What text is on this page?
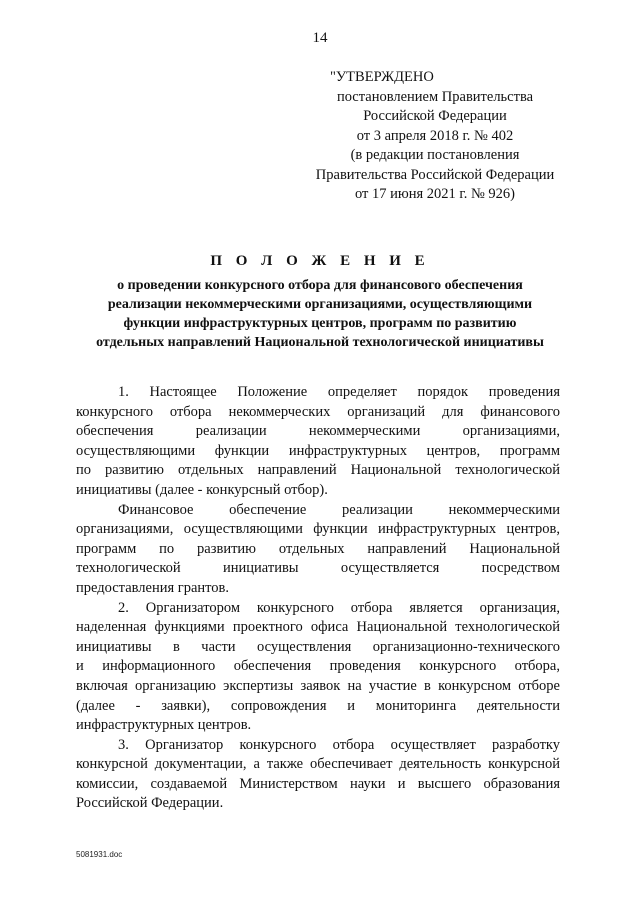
14
"УТВЕРЖДЕНО
постановлением Правительства
Российской Федерации
от 3 апреля 2018 г. № 402
(в редакции постановления
Правительства Российской Федерации
от 17 июня 2021 г. № 926)
П О Л О Ж Е Н И Е
о проведении конкурсного отбора для финансового обеспечения
реализации некоммерческими организациями, осуществляющими
функции инфраструктурных центров, программ по развитию
отдельных направлений Национальной технологической инициативы
1. Настоящее Положение определяет порядок проведения
конкурсного отбора некоммерческих организаций для финансового
обеспечения реализации некоммерческими организациями,
осуществляющими функции инфраструктурных центров, программ
по развитию отдельных направлений Национальной технологической
инициативы (далее - конкурсный отбор).
Финансовое обеспечение реализации некоммерческими
организациями, осуществляющими функции инфраструктурных центров,
программ по развитию отдельных направлений Национальной
технологической инициативы осуществляется посредством
предоставления грантов.
2. Организатором конкурсного отбора является организация,
наделенная функциями проектного офиса Национальной технологической
инициативы в части осуществления организационно-технического
и информационного обеспечения проведения конкурсного отбора,
включая организацию экспертизы заявок на участие в конкурсном отборе
(далее - заявки), сопровождения и мониторинга деятельности
инфраструктурных центров.
3. Организатор конкурсного отбора осуществляет разработку
конкурсной документации, а также обеспечивает деятельность конкурсной
комиссии, создаваемой Министерством науки и высшего образования
Российской Федерации.
5081931.doc
